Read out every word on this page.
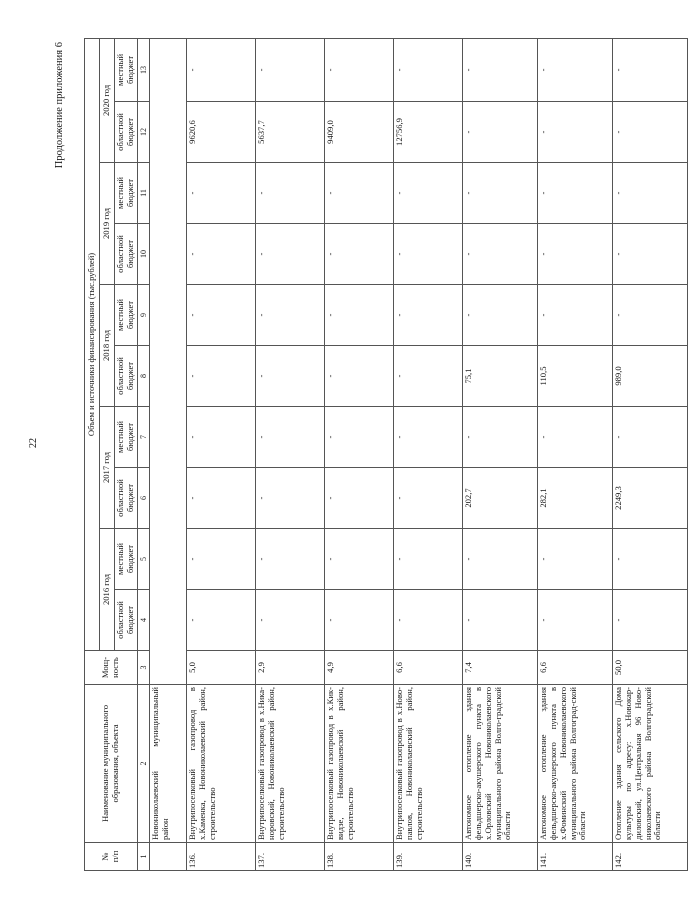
22
Продолжение приложения 6
№
п/п	Наименование муниципального образования, объекта	Мощ-
ность	Объем и источники финансирования (тыс.рублей)									
			2016 год		2017 год		2018 год		2019 год		2020 год	
			областной бюджет	местный бюджет	областной бюджет	местный бюджет	областной бюджет	местный бюджет	областной бюджет	местный бюджет	областной бюджет	местный бюджет
1	2	3	4	5	6	7	8	9	10	11	12	13
	Новониколаевский муниципальный район											
136.	Внутрипоселковый газопровод в х.Каменка, Новониколаевский район, строительство	5,0	-	-	-	-	-	-	-	-	9620,6	-
137.	Внутрипоселковый газопровод в х.Ника-норовский, Новониколаевский район, строительство	2,9	-	-	-	-	-	-	-	-	5637,7	-
138.	Внутрипоселковый газопровод в х.Кик-видзе, Новониколаевский район, строительство	4,9	-	-	-	-	-	-	-	-	9409,0	-
139.	Внутрипоселковый газопровод в х.Ново-павлов, Новониколаевский район, строительство	6,6	-	-	-	-	-	-	-	-	12756,9	-
140.	Автономное отопление здания фельдшерско-акушерского пункта в х.Орловский Новониколаевского муниципального района Волго-градской области	7,4	-	-	202,7	-	75,1	-	-	-	-	-
141.	Автономное отопление здания фельдшерско-акушерского пункта в х.Фоминский Новониколаевского муниципального района Волгоград-ской области	6,6	-	-	282,1	-	110,5	-	-	-	-	-
142.	Отопление здания сельского Дома культуры по адресу: х.Новокар-диловский, ул.Центральная 96 Ново-николаевского района Волгоградской области	50,0	-	-	2249,3	-	989,0	-	-	-	-	-
